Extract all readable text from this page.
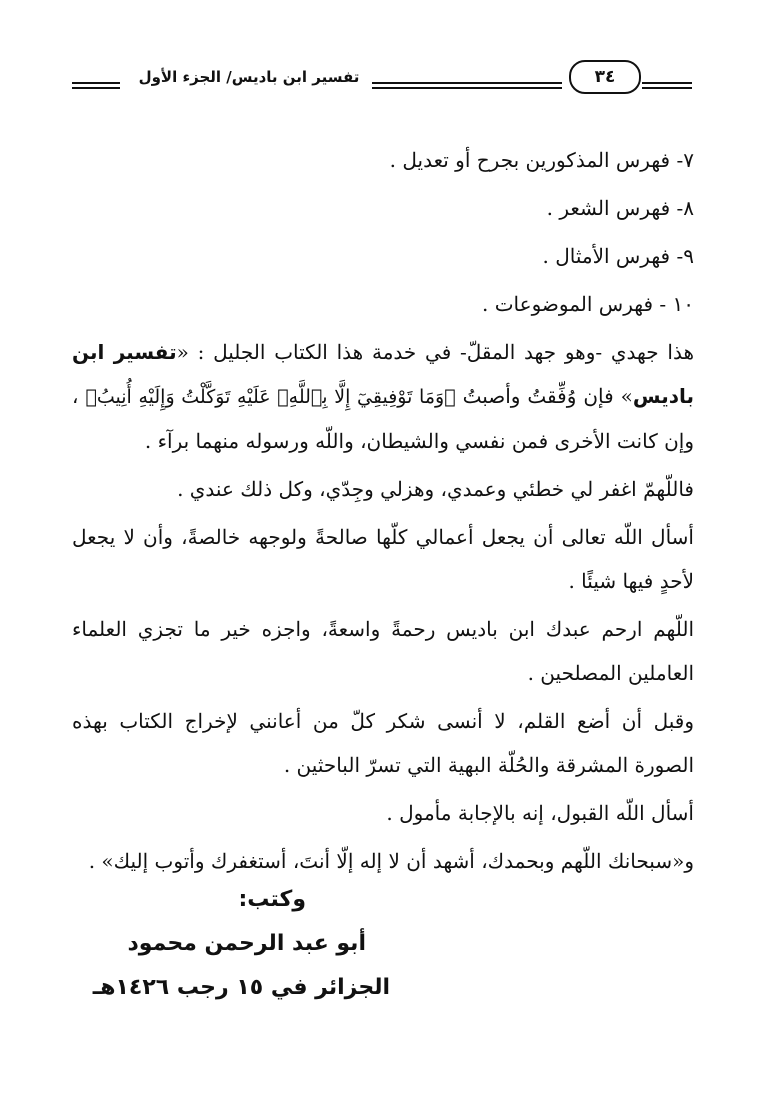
تفسير ابن باديس/ الجزء الأول	٣٤

٧- فهرس المذكورين بجرح أو تعديل .

٨- فهرس الشعر .

٩- فهرس الأمثال .

١٠ - فهرس الموضوعات .

هذا جهدي -وهو جهد المقلّ- في خدمة هذا الكتاب الجليل : «تفسير ابن باديس» فإن وُفِّقتُ وأصبتُ ﴿وَمَا تَوْفِيقِيٓ إِلَّا بِٱللَّهِۚ عَلَيْهِ تَوَكَّلْتُ وَإِلَيْهِ أُنِيبُ﴾ ، وإن كانت الأخرى فمن نفسي والشيطان، واللّه ورسوله منهما برآء .

فاللّهمّ اغفر لي خطئي وعمدي، وهزلي وجِدّي، وكل ذلك عندي .

أسأل اللّه تعالى أن يجعل أعمالي كلّها صالحةً ولوجهه خالصةً، وأن لا يجعل لأحدٍ فيها شيئًا .

اللّهم ارحم عبدك ابن باديس رحمةً واسعةً، واجزه خير ما تجزي العلماء العاملين المصلحين .

وقبل أن أضع القلم، لا أنسى شكر كلّ من أعانني لإخراج الكتاب بهذه الصورة المشرقة والحُلّة البهية التي تسرّ الباحثين .

أسأل اللّه القبول، إنه بالإجابة مأمول .

و«سبحانك اللّهم وبحمدك، أشهد أن لا إله إلّا أنتَ، أستغفرك وأتوب إليك» .

وكتب:
أبو عبد الرحمن محمود
الجزائر في ١٥ رجب ١٤٢٦هـ
